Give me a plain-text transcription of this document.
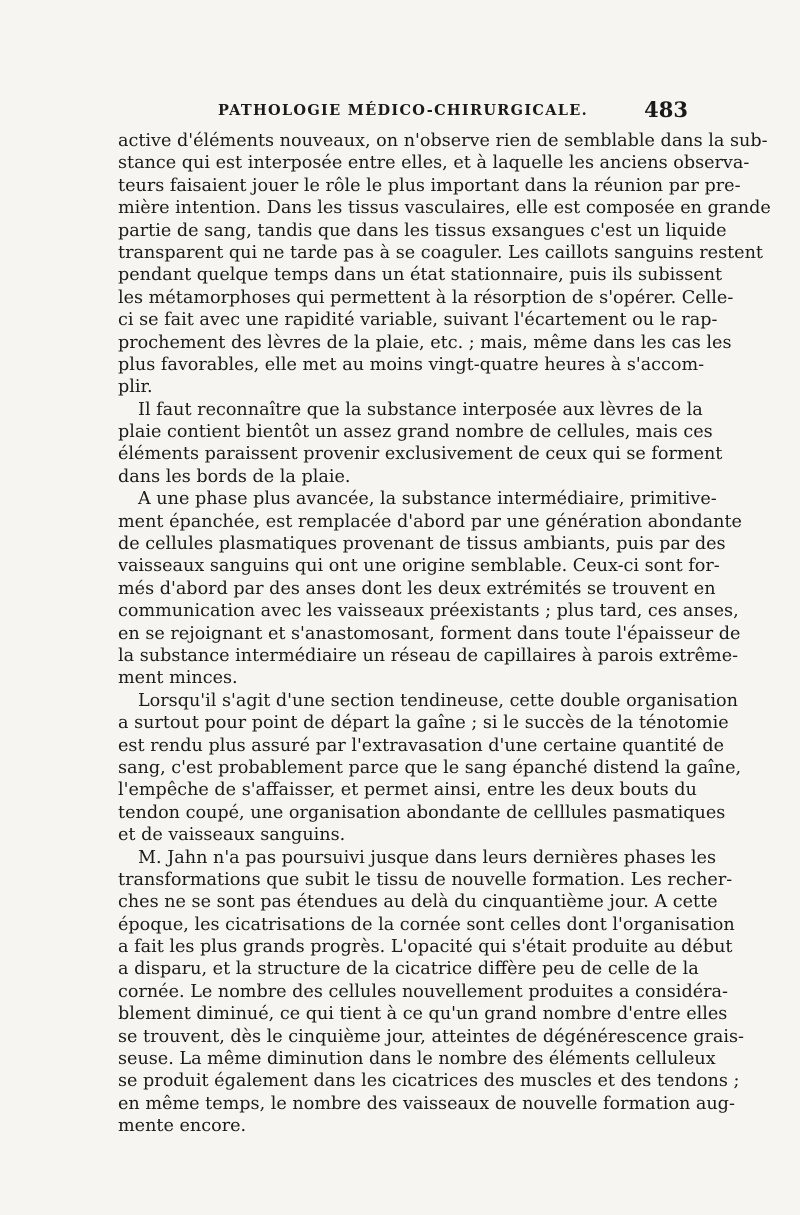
PATHOLOGIE MÉDICO-CHIRURGICALE.	483
active d'éléments nouveaux, on n'observe rien de semblable dans la sub-
stance qui est interposée entre elles, et à laquelle les anciens observa-
teurs faisaient jouer le rôle le plus important dans la réunion par pre-
mière intention. Dans les tissus vasculaires, elle est composée en grande
partie de sang, tandis que dans les tissus exsangues c'est un liquide
transparent qui ne tarde pas à se coaguler. Les caillots sanguins restent
pendant quelque temps dans un état stationnaire, puis ils subissent
les métamorphoses qui permettent à la résorption de s'opérer. Celle-
ci se fait avec une rapidité variable, suivant l'écartement ou le rap-
prochement des lèvres de la plaie, etc. ; mais, même dans les cas les
plus favorables, elle met au moins vingt-quatre heures à s'accom-
plir.
Il faut reconnaître que la substance interposée aux lèvres de la
plaie contient bientôt un assez grand nombre de cellules, mais ces
éléments paraissent provenir exclusivement de ceux qui se forment
dans les bords de la plaie.
A une phase plus avancée, la substance intermédiaire, primitive-
ment épanchée, est remplacée d'abord par une génération abondante
de cellules plasmatiques provenant de tissus ambiants, puis par des
vaisseaux sanguins qui ont une origine semblable. Ceux-ci sont for-
més d'abord par des anses dont les deux extrémités se trouvent en
communication avec les vaisseaux préexistants ; plus tard, ces anses,
en se rejoignant et s'anastomosant, forment dans toute l'épaisseur de
la substance intermédiaire un réseau de capillaires à parois extrême-
ment minces.
Lorsqu'il s'agit d'une section tendineuse, cette double organisation
a surtout pour point de départ la gaîne ; si le succès de la ténotomie
est rendu plus assuré par l'extravasation d'une certaine quantité de
sang, c'est probablement parce que le sang épanché distend la gaîne,
l'empêche de s'affaisser, et permet ainsi, entre les deux bouts du
tendon coupé, une organisation abondante de celllules pasmatiques
et de vaisseaux sanguins.
M. Jahn n'a pas poursuivi jusque dans leurs dernières phases les
transformations que subit le tissu de nouvelle formation. Les recher-
ches ne se sont pas étendues au delà du cinquantième jour. A cette
époque, les cicatrisations de la cornée sont celles dont l'organisation
a fait les plus grands progrès. L'opacité qui s'était produite au début
a disparu, et la structure de la cicatrice diffère peu de celle de la
cornée. Le nombre des cellules nouvellement produites a considéra-
blement diminué, ce qui tient à ce qu'un grand nombre d'entre elles
se trouvent, dès le cinquième jour, atteintes de dégénérescence grais-
seuse. La même diminution dans le nombre des éléments celluleux
se produit également dans les cicatrices des muscles et des tendons ;
en même temps, le nombre des vaisseaux de nouvelle formation aug-
mente encore.
